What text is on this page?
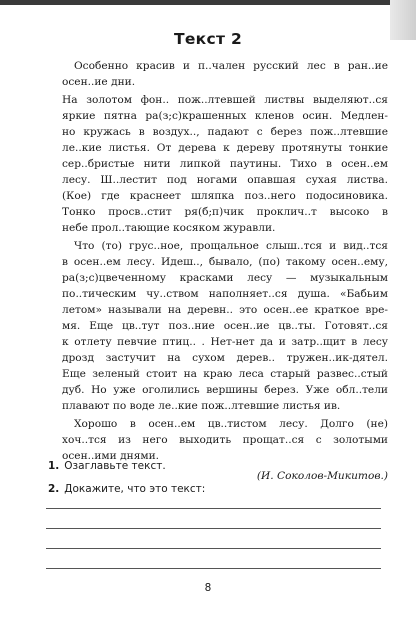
Текст 2
Особенно красив и п..чален русский лес в ран..ие
осен..ие дни.
На золотом фон.. пож..лтевшей листвы выделяют..ся
яркие пятна ра(з;с)крашенных кленов осин. Медлен-
но кружась в воздух.., падают с берез пож..лтевшие
ле..кие листья. От дерева к дереву протянуты тонкие
сер..бристые нити липкой паутины. Тихо в осен..ем
лесу. Ш..лестит под ногами опавшая сухая листва.
(Кое) где краснеет шляпка поз..него подосиновика.
Тонко просв..стит ря(б;п)чик проклич..т высоко в
небе прол..тающие косяком журавли.
Что (то) грус..ное, прощальное слыш..тся и вид..тся
в осен..ем лесу. Идеш.., бывало, (по) такому осен..ему,
ра(з;с)цвеченному красками лесу — музыкальным
по..тическим чу..ством наполняет..ся душа. «Бабьим
летом» называли на деревн.. это осен..ее краткое вре-
мя. Еще цв..тут поз..ние осен..ие цв..ты. Готовят..ся
к отлету певчие птиц.. . Нет-нет да и затр..щит в лесу
дрозд застучит на сухом дерев.. тружен..ик-дятел.
Еще зеленый стоит на краю леса старый развес..стый
дуб. Но уже оголились вершины берез. Уже обл..тели
плавают по воде ле..кие пож..лтевшие листья ив.
Хорошо в осен..ем цв..тистом лесу. Долго (не)
хоч..тся из него выходить прощат..ся с золотыми
осен..ими днями.
(И. Соколов-Микитов.)
1. Озаглавьте текст.
2. Докажите, что это текст:
8
